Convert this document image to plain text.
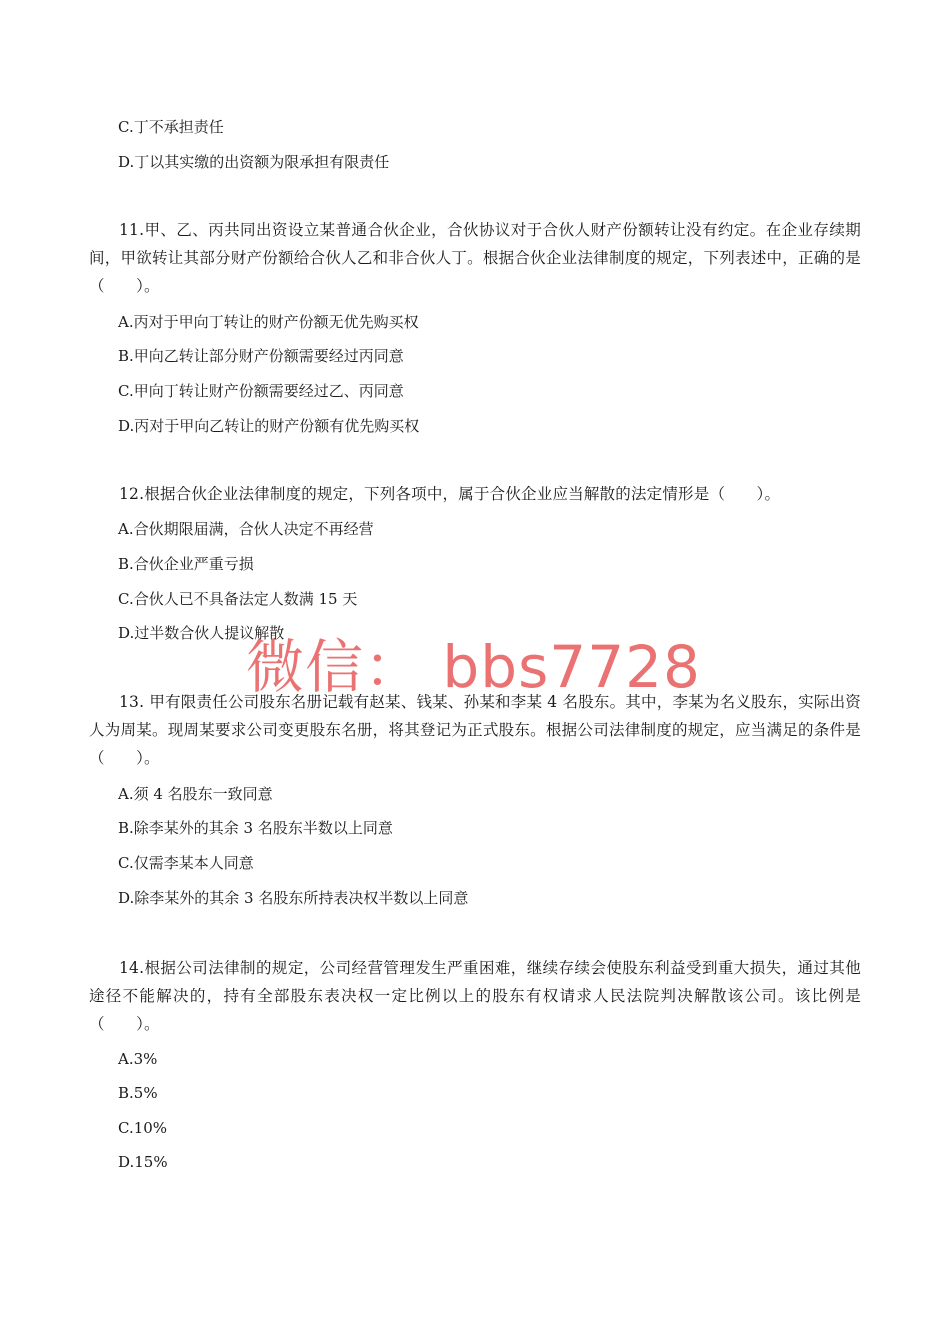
C.丁不承担责任
D.丁以其实缴的出资额为限承担有限责任
11.甲、乙、丙共同出资设立某普通合伙企业，合伙协议对于合伙人财产份额转让没有约定。在企业存续期间，甲欲转让其部分财产份额给合伙人乙和非合伙人丁。根据合伙企业法律制度的规定，下列表述中，正确的是（　　）。
A.丙对于甲向丁转让的财产份额无优先购买权
B.甲向乙转让部分财产份额需要经过丙同意
C.甲向丁转让财产份额需要经过乙、丙同意
D.丙对于甲向乙转让的财产份额有优先购买权
12.根据合伙企业法律制度的规定，下列各项中，属于合伙企业应当解散的法定情形是（　　）。
A.合伙期限届满，合伙人决定不再经营
B.合伙企业严重亏损
C.合伙人已不具备法定人数满 15 天
D.过半数合伙人提议解散
13. 甲有限责任公司股东名册记载有赵某、钱某、孙某和李某 4 名股东。其中，李某为名义股东，实际出资人为周某。现周某要求公司变更股东名册，将其登记为正式股东。根据公司法律制度的规定，应当满足的条件是（　　）。
A.须 4 名股东一致同意
B.除李某外的其余 3 名股东半数以上同意
C.仅需李某本人同意
D.除李某外的其余 3 名股东所持表决权半数以上同意
14.根据公司法律制的规定，公司经营管理发生严重困难，继续存续会使股东利益受到重大损失，通过其他途径不能解决的，持有全部股东表决权一定比例以上的股东有权请求人民法院判决解散该公司。该比例是（　　）。
A.3%
B.5%
C.10%
D.15%
微信： bbs7728
